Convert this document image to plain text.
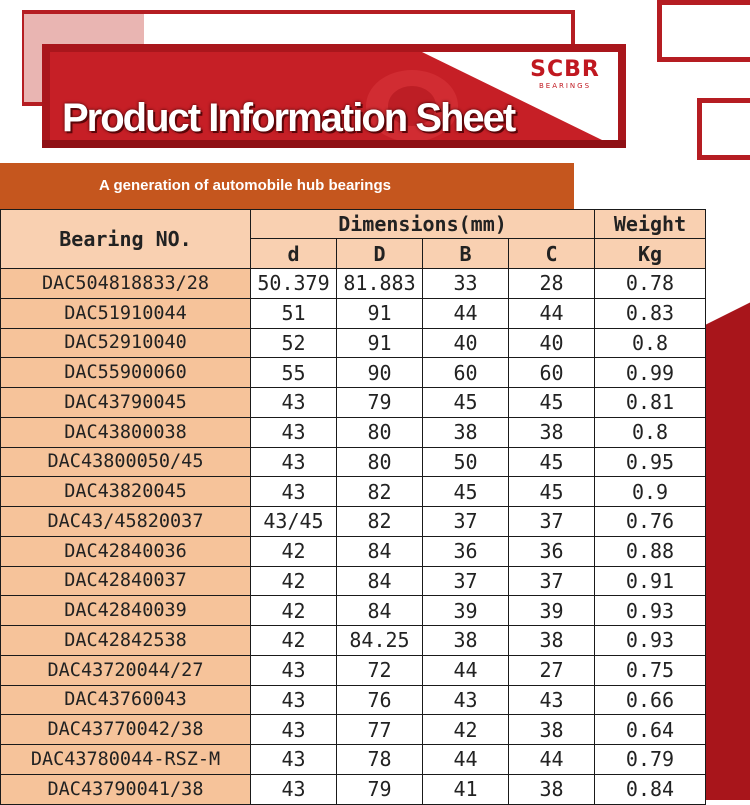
SCBR
BEARINGS
Product Information Sheet
A generation of automobile hub bearings
Bearing NO.	Dimensions(mm)				Weight
	d	D	B	C	Kg
DAC504818833/28	50.379	81.883	33	28	0.78
DAC51910044	51	91	44	44	0.83
DAC52910040	52	91	40	40	0.8
DAC55900060	55	90	60	60	0.99
DAC43790045	43	79	45	45	0.81
DAC43800038	43	80	38	38	0.8
DAC43800050/45	43	80	50	45	0.95
DAC43820045	43	82	45	45	0.9
DAC43/45820037	43/45	82	37	37	0.76
DAC42840036	42	84	36	36	0.88
DAC42840037	42	84	37	37	0.91
DAC42840039	42	84	39	39	0.93
DAC42842538	42	84.25	38	38	0.93
DAC43720044/27	43	72	44	27	0.75
DAC43760043	43	76	43	43	0.66
DAC43770042/38	43	77	42	38	0.64
DAC43780044-RSZ-M	43	78	44	44	0.79
DAC43790041/38	43	79	41	38	0.84
